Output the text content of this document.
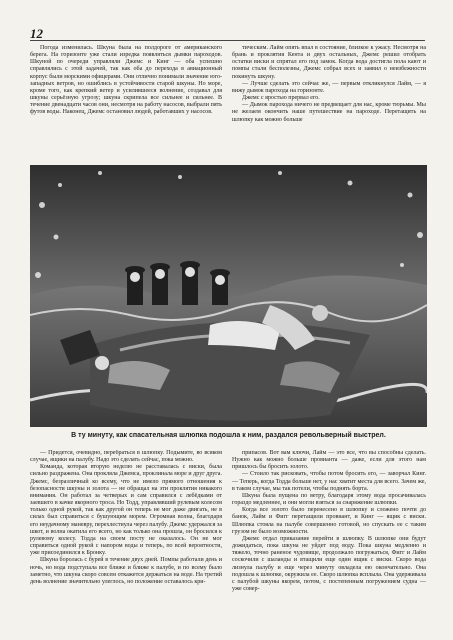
12

Погода изменилась. Шкуна была на полдороге от американского берега. На горизонте уже стали изредка появляться дымки пароходов. Шкуной по очереди управляли Джемс и Кинг — оба успешно справлялись с этой задачей, так как оба до перехода в авиационный корпус были морскими офицерами. Они отлично понимали значение юго-западных ветров, но ошиблись в устойчивости старой шкуны. Но море, кроме того, как крепкий ветер и усилившееся волнение, создавал для шкуны серьёзную угрозу; шкуна скрипела все сильнее и сильнее. В течение двенадцати часов они, несмотря на работу насосов, выбрали пять футов воды. Наконец, Джемс остановил людей, работавших у насосов.

тическим. Лайм опять впал в состояние, близкое к ужасу. Несмотря на брань и проклятия Кента и двух остальных, Джемс решил отобрать остатки виски и спрятал его под замок. Когда вода достигла пола кают и помпы стали бесполезны, Джемс собрал всех и заявил о неизбежности покинуть шкуну.

— Лучше сделать это сейчас же, — первым откликнулся Лайм, — я вижу дымок парохода на горизонте.

Джемс с яростью прервал его.

— Дымок парохода ничего не предвещает для нас, кроме тюрьмы. Мы не желаем окончить наше путешествие на пароходе. Перетащить на шлюпку как можно больше

В ту минуту, как спасательная шлюпка подошла к ним, раздался револьверный выстрел.

— Придется, очевидно, перебраться в шлюпку. Подымите, во всяком случае, ящики на палубу. Надо это сделать сейчас, пока можно.

Команда, которая вторую неделю не расставалась с виски, была сильно раздражена. Она прокляла Джемса, проклинала море и друг друга. Джемс, безразличный ко всему, что не имело прямого отношения к безопасности шкуны и золота — не обращал на эти проклятия никакого внимания. Он работал за четверых и сам справился с лебёдками от заевшего в качке якорного троса. Но Тодд, управлявший рулевым колесом только одной рукой, так как другой он теперь не мог даже двигать, не в силах был справиться с бушующим морем. Огромная волна, благодаря его неудачному маневру, перехлестнула через палубу. Джемс удержался за шкот, и волна окатила его всего, но как только она прошла, он бросился к рулевому колесу. Тодда на своем посту не оказалось. Он не мог справиться одной рукой с напором воды и теперь, по всей вероятности, уже присоединился к Бронку.

Шкуна боролась с бурей в течение двух дней. Помпы работали день и ночь, но вода подступала все ближе и ближе к палубе, и по всему было заметно, что шкуна скоро совсем откажется держаться на воде. На третий день волнение значительно улеглось, но положение оставалось кри-

припасов. Вот вам ключи, Лайм — это все, что вы способны сделать. Нужно как можно больше провианта — даже, если для этого нам пришлось бы бросить золото.

— Стоило так рисковать, чтобы потом бросить его, — заворчал Кинг. — Теперь, когда Тодда больше нет, у нас хватит места для всего. Зачем же, в таком случае, мы так потели, чтобы поднять борта.

Шкуна была пущена по ветру, благодаря этому вода просачивалась гораздо медленнее, и они могли взяться за снаряжение шлюпки.

Когда все золото было перенесено в шлюпку и сложено почти до банок, Лайм и Фигг перетащили провиант, и Кинг — ящик с виски. Шлюпка стояла на палубе совершенно готовой, но спускать ее с таким грузом не было возможности.

Джемс отдал приказание перейти в шлюпку. В шлюпке они будут дожидаться, пока шкуна не уйдет под воду. Пока шкуна медленно и тяжело, точно раненое чудовище, продолжало погружаться, Фигг и Лайм соскочили с шаланды и втащили еще один ящик с виски. Скоро вода лизнула палубу и еще через минуту овладела ею окончательно. Она подошла к шлюпке, окружила ее. Скоро шлюпка всплыла. Она удерживала с палубой шкуны якорем, потом, с постепенным погружением судна — уже совер-
